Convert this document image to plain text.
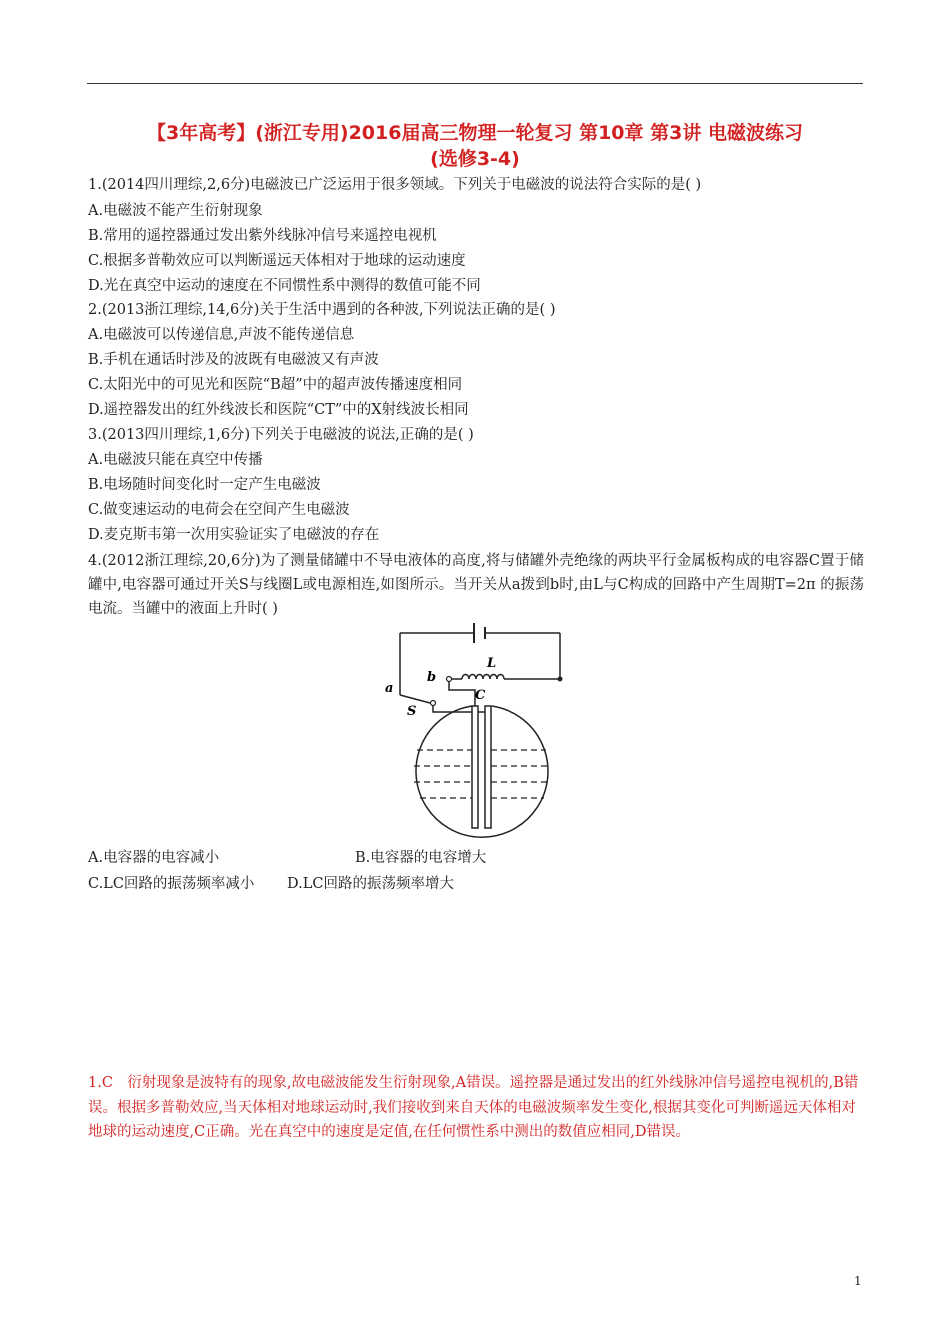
【3年高考】(浙江专用)2016届高三物理一轮复习 第10章 第3讲 电磁波练习
(选修3-4)
1.(2014四川理综,2,6分)电磁波已广泛运用于很多领域。下列关于电磁波的说法符合实际的是( )
A.电磁波不能产生衍射现象
B.常用的遥控器通过发出紫外线脉冲信号来遥控电视机
C.根据多普勒效应可以判断遥远天体相对于地球的运动速度
D.光在真空中运动的速度在不同惯性系中测得的数值可能不同
2.(2013浙江理综,14,6分)关于生活中遇到的各种波,下列说法正确的是( )
A.电磁波可以传递信息,声波不能传递信息
B.手机在通话时涉及的波既有电磁波又有声波
C.太阳光中的可见光和医院“B超”中的超声波传播速度相同
D.遥控器发出的红外线波长和医院“CT”中的X射线波长相同
3.(2013四川理综,1,6分)下列关于电磁波的说法,正确的是( )
A.电磁波只能在真空中传播
B.电场随时间变化时一定产生电磁波
C.做变速运动的电荷会在空间产生电磁波
D.麦克斯韦第一次用实验证实了电磁波的存在
4.(2012浙江理综,20,6分)为了测量储罐中不导电液体的高度,将与储罐外壳绝缘的两块平行金属板构成的电容器C置于储罐中,电容器可通过开关S与线圈L或电源相连,如图所示。当开关从a拨到b时,由L与C构成的回路中产生周期T=2π 的振荡电流。当罐中的液面上升时( )
L
b
C
a
S
A.电容器的电容减小	B.电容器的电容增大
C.LC回路的振荡频率减小 D.LC回路的振荡频率增大
1.C　衍射现象是波特有的现象,故电磁波能发生衍射现象,A错误。遥控器是通过发出的红外线脉冲信号遥控电视机的,B错误。根据多普勒效应,当天体相对地球运动时,我们接收到来自天体的电磁波频率发生变化,根据其变化可判断遥远天体相对地球的运动速度,C正确。光在真空中的速度是定值,在任何惯性系中测出的数值应相同,D错误。
1
